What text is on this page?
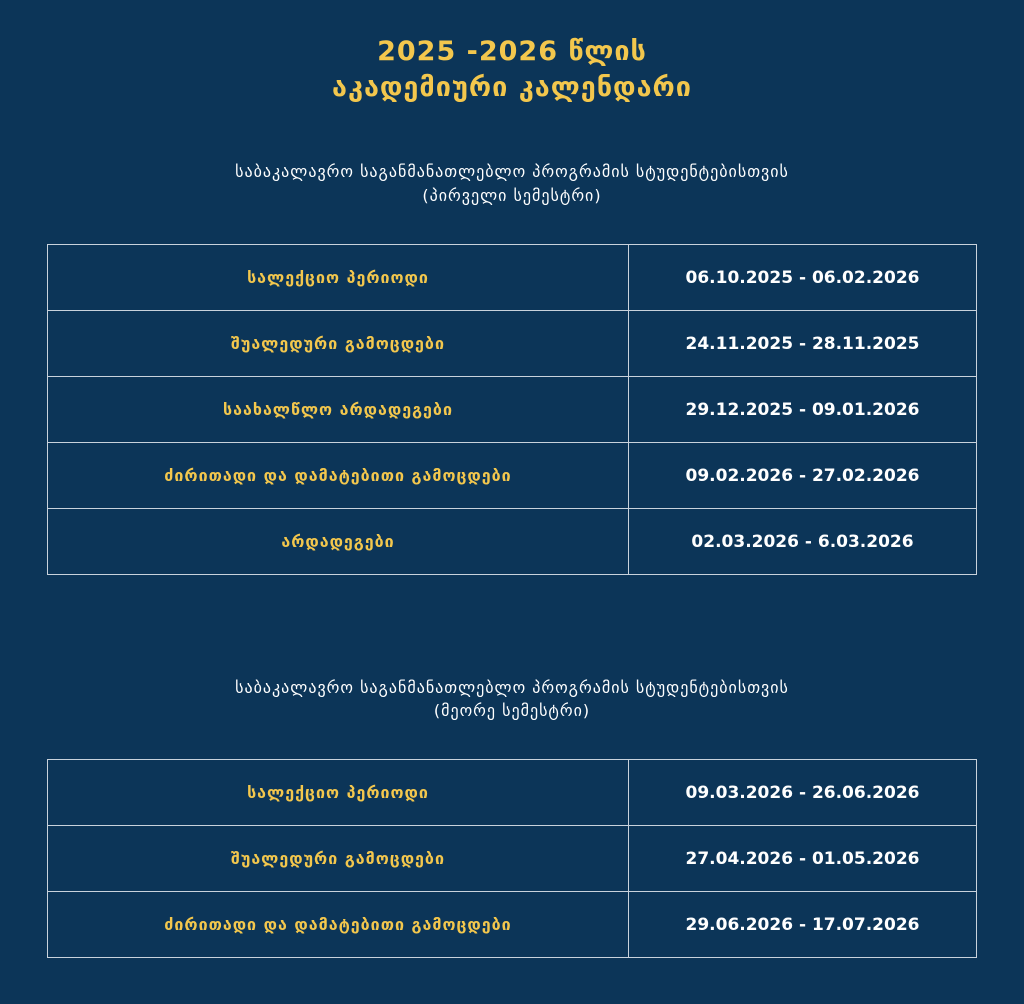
2025 -2026 წლის
აკადემიური კალენდარი
საბაკალავრო საგანმანათლებლო პროგრამის სტუდენტებისთვის
(პირველი სემესტრი)
სალექციო პერიოდი	06.10.2025 - 06.02.2026
შუალედური გამოცდები	24.11.2025 - 28.11.2025
საახალწლო არდადეგები	29.12.2025 - 09.01.2026
ძირითადი და დამატებითი გამოცდები	09.02.2026 - 27.02.2026
არდადეგები	02.03.2026 - 6.03.2026
საბაკალავრო საგანმანათლებლო პროგრამის სტუდენტებისთვის
(მეორე სემესტრი)
სალექციო პერიოდი	09.03.2026 - 26.06.2026
შუალედური გამოცდები	27.04.2026 - 01.05.2026
ძირითადი და დამატებითი გამოცდები	29.06.2026 - 17.07.2026
